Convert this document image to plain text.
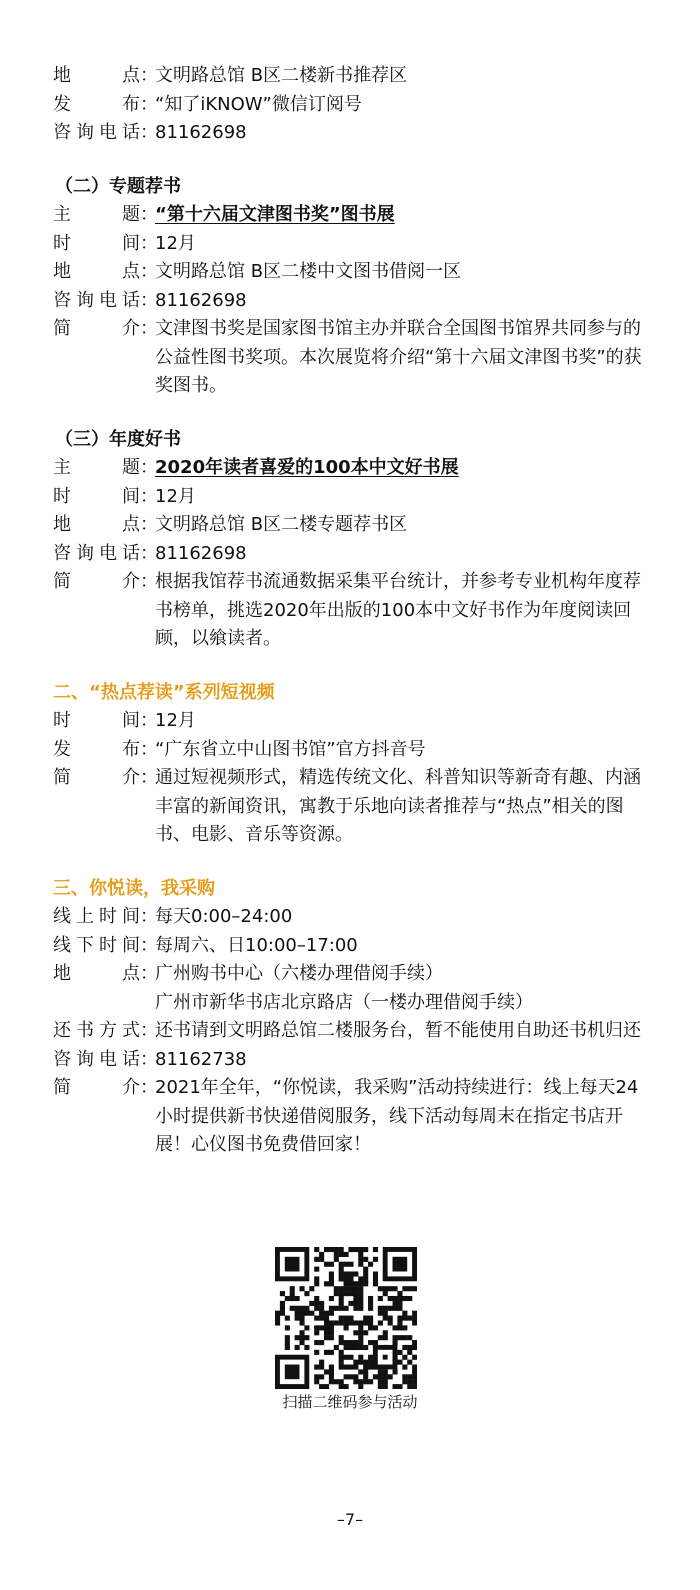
地	点 ：
文明路总馆 B区二楼新书推荐区
发	布 ：
“知了iKNOW”微信订阅号
咨 询 电 话 ：
81162698
（二）专题荐书
主	题 ：
“第十六届文津图书奖”图书展
时	间 ：
12月
地	点 ：
文明路总馆 B区二楼中文图书借阅一区
咨 询 电 话 ：
81162698
简	介 ：
文津图书奖是国家图书馆主办并联合全国图书馆界共同参与的公益性图书奖项。本次展览将介绍“第十六届文津图书奖”的获奖图书。
（三）年度好书
主	题 ：
2020年读者喜爱的100本中文好书展
时	间 ：
12月
地	点 ：
文明路总馆 B区二楼专题荐书区
咨 询 电 话 ：
81162698
简	介 ：
根据我馆荐书流通数据采集平台统计，并参考专业机构年度荐书榜单，挑选2020年出版的100本中文好书作为年度阅读回顾，以飨读者。
二、“热点荐读”系列短视频
时	间 ：
12月
发	布 ：
“广东省立中山图书馆”官方抖音号
简	介 ：
通过短视频形式，精选传统文化、科普知识等新奇有趣、内涵丰富的新闻资讯，寓教于乐地向读者推荐与“热点”相关的图书、电影、音乐等资源。
三、你悦读，我采购
线 上 时 间 ：
每天0:00–24:00
线 下 时 间 ：
每周六、日10:00–17:00
地	点 ：
广州购书中心（六楼办理借阅手续）
广州市新华书店北京路店（一楼办理借阅手续）
还 书 方 式 ：
还书请到文明路总馆二楼服务台，暂不能使用自助还书机归还
咨 询 电 话 ：
81162738
简	介 ：
2021年全年，“你悦读，我采购”活动持续进行：线上每天24小时提供新书快递借阅服务，线下活动每周末在指定书店开展！心仪图书免费借回家！
扫描二维码参与活动
–7–
